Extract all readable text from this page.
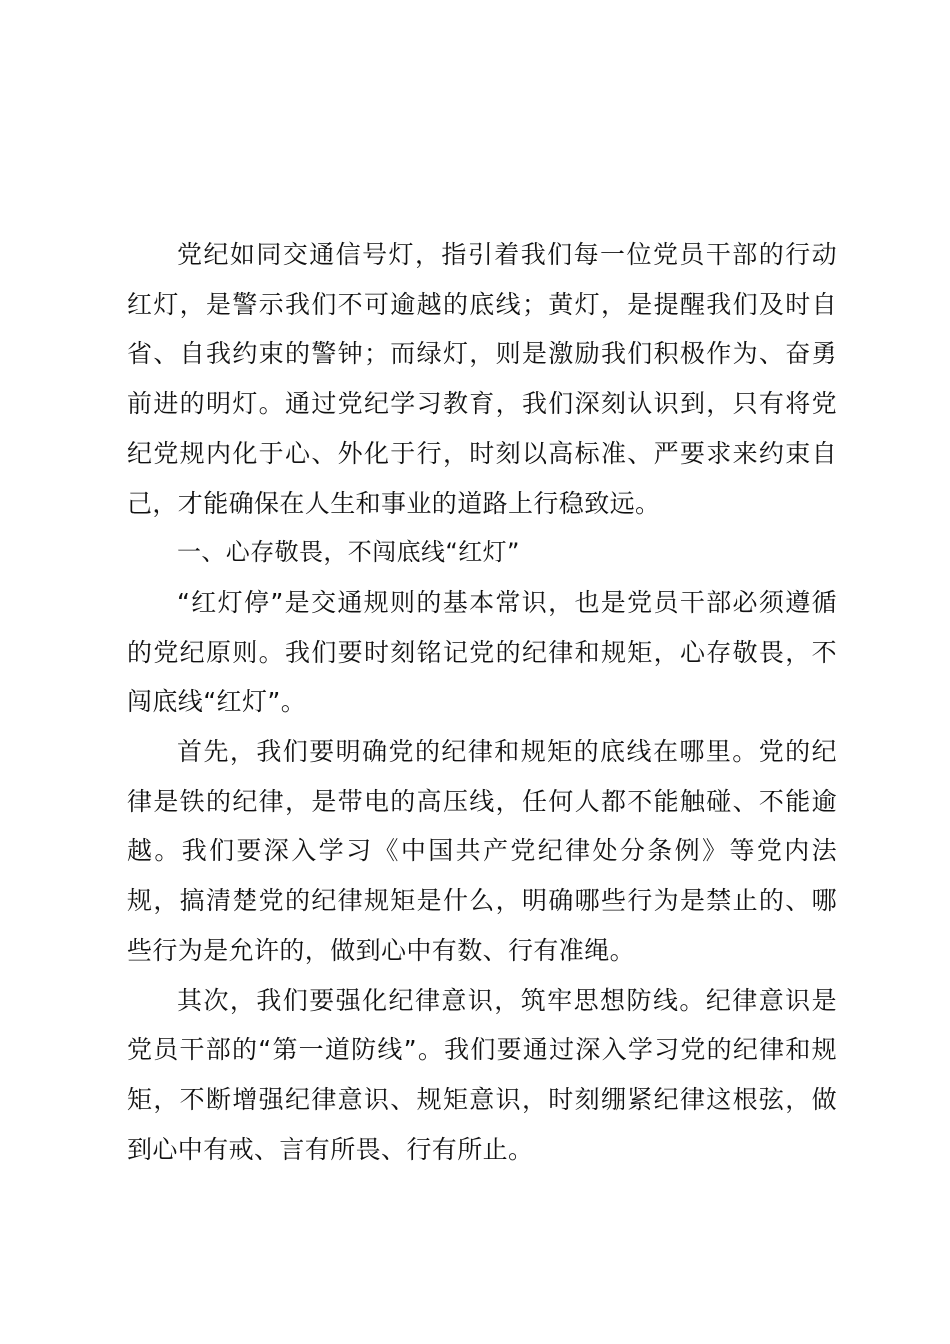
党纪如同交通信号灯，指引着我们每一位党员干部的行动红灯，是警示我们不可逾越的底线；黄灯，是提醒我们及时自省、自我约束的警钟；而绿灯，则是激励我们积极作为、奋勇前进的明灯。通过党纪学习教育，我们深刻认识到，只有将党纪党规内化于心、外化于行，时刻以高标准、严要求来约束自己，才能确保在人生和事业的道路上行稳致远。

一、心存敬畏，不闯底线“红灯”

“红灯停”是交通规则的基本常识，也是党员干部必须遵循的党纪原则。我们要时刻铭记党的纪律和规矩，心存敬畏，不闯底线“红灯”。

首先，我们要明确党的纪律和规矩的底线在哪里。党的纪律是铁的纪律，是带电的高压线，任何人都不能触碰、不能逾越。我们要深入学习《中国共产党纪律处分条例》等党内法规，搞清楚党的纪律规矩是什么，明确哪些行为是禁止的、哪些行为是允许的，做到心中有数、行有准绳。

其次，我们要强化纪律意识，筑牢思想防线。纪律意识是党员干部的“第一道防线”。我们要通过深入学习党的纪律和规矩，不断增强纪律意识、规矩意识，时刻绷紧纪律这根弦，做到心中有戒、言有所畏、行有所止。
